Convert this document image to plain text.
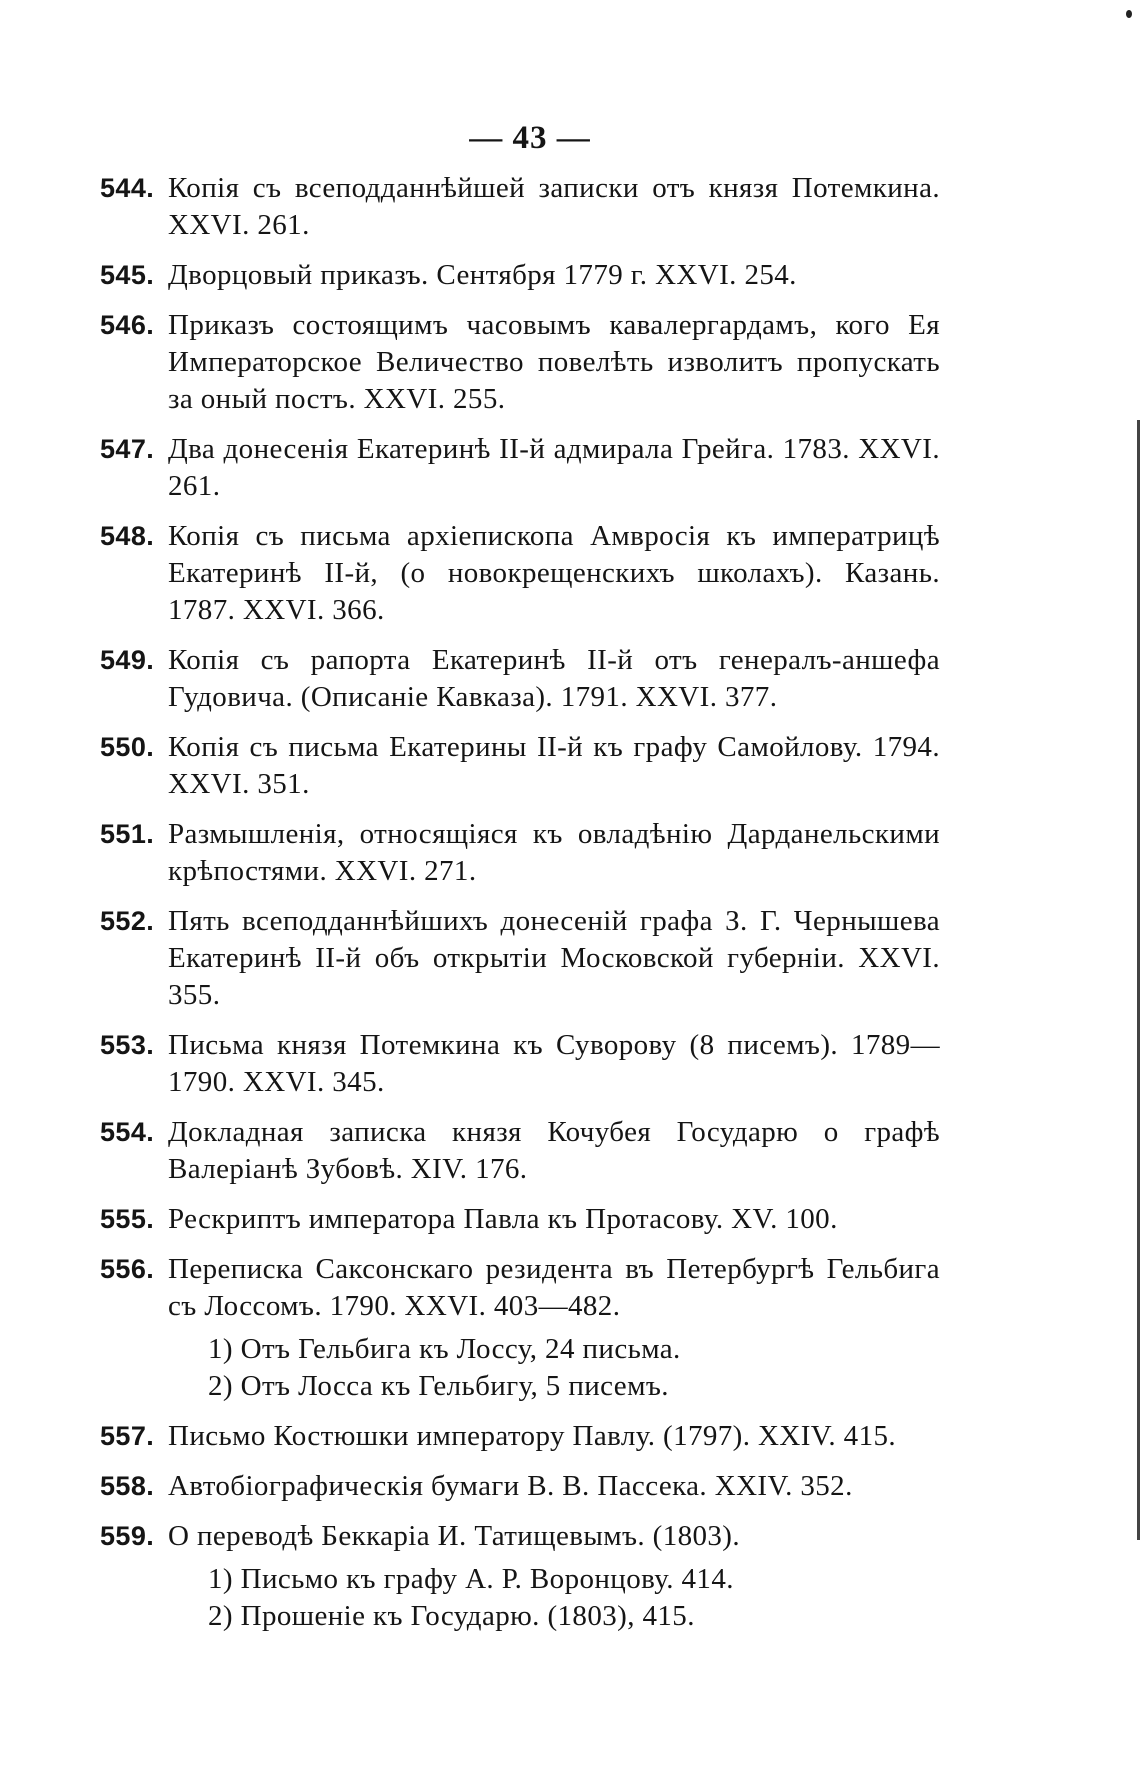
— 43 —
544. Копія съ всеподданнѣйшей записки отъ князя Потемкина. XXVI. 261.
545. Дворцовый приказъ. Сентября 1779 г. XXVI. 254.
546. Приказъ состоящимъ часовымъ кавалергардамъ, кого Ея Императорское Величество повелѣть изволитъ пропускать за оный постъ. XXVI. 255.
547. Два донесенія Екатеринѣ II-й адмирала Грейга. 1783. XXVI. 261.
548. Копія съ письма архіепископа Амвросія къ императрицѣ Екатеринѣ II-й, (о новокрещенскихъ школахъ). Казань. 1787. XXVI. 366.
549. Копія съ рапорта Екатеринѣ II-й отъ генералъ-аншефа Гудовича. (Описаніе Кавказа). 1791. XXVI. 377.
550. Копія съ письма Екатерины II-й къ графу Самойлову. 1794. XXVI. 351.
551. Размышленія, относящіяся къ овладѣнію Дарданельскими крѣпостями. XXVI. 271.
552. Пять всеподданнѣйшихъ донесеній графа З. Г. Чернышева Екатеринѣ II-й объ открытіи Московской губерніи. XXVI. 355.
553. Письма князя Потемкина къ Суворову (8 писемъ). 1789—1790. XXVI. 345.
554. Докладная записка князя Кочубея Государю о графѣ Валеріанѣ Зубовѣ. XIV. 176.
555. Рескриптъ императора Павла къ Протасову. XV. 100.
556. Переписка Саксонскаго резидента въ Петербургѣ Гельбига съ Лоссомъ. 1790. XXVI. 403—482.
1) Отъ Гельбига къ Лоссу, 24 письма.
2) Отъ Лосса къ Гельбигу, 5 писемъ.
557. Письмо Костюшки императору Павлу. (1797). XXIV. 415.
558. Автобіографическія бумаги В. В. Пассека. XXIV. 352.
559. О переводѣ Беккаріа И. Татищевымъ. (1803).
1) Письмо къ графу А. Р. Воронцову. 414.
2) Прошеніе къ Государю. (1803), 415.
